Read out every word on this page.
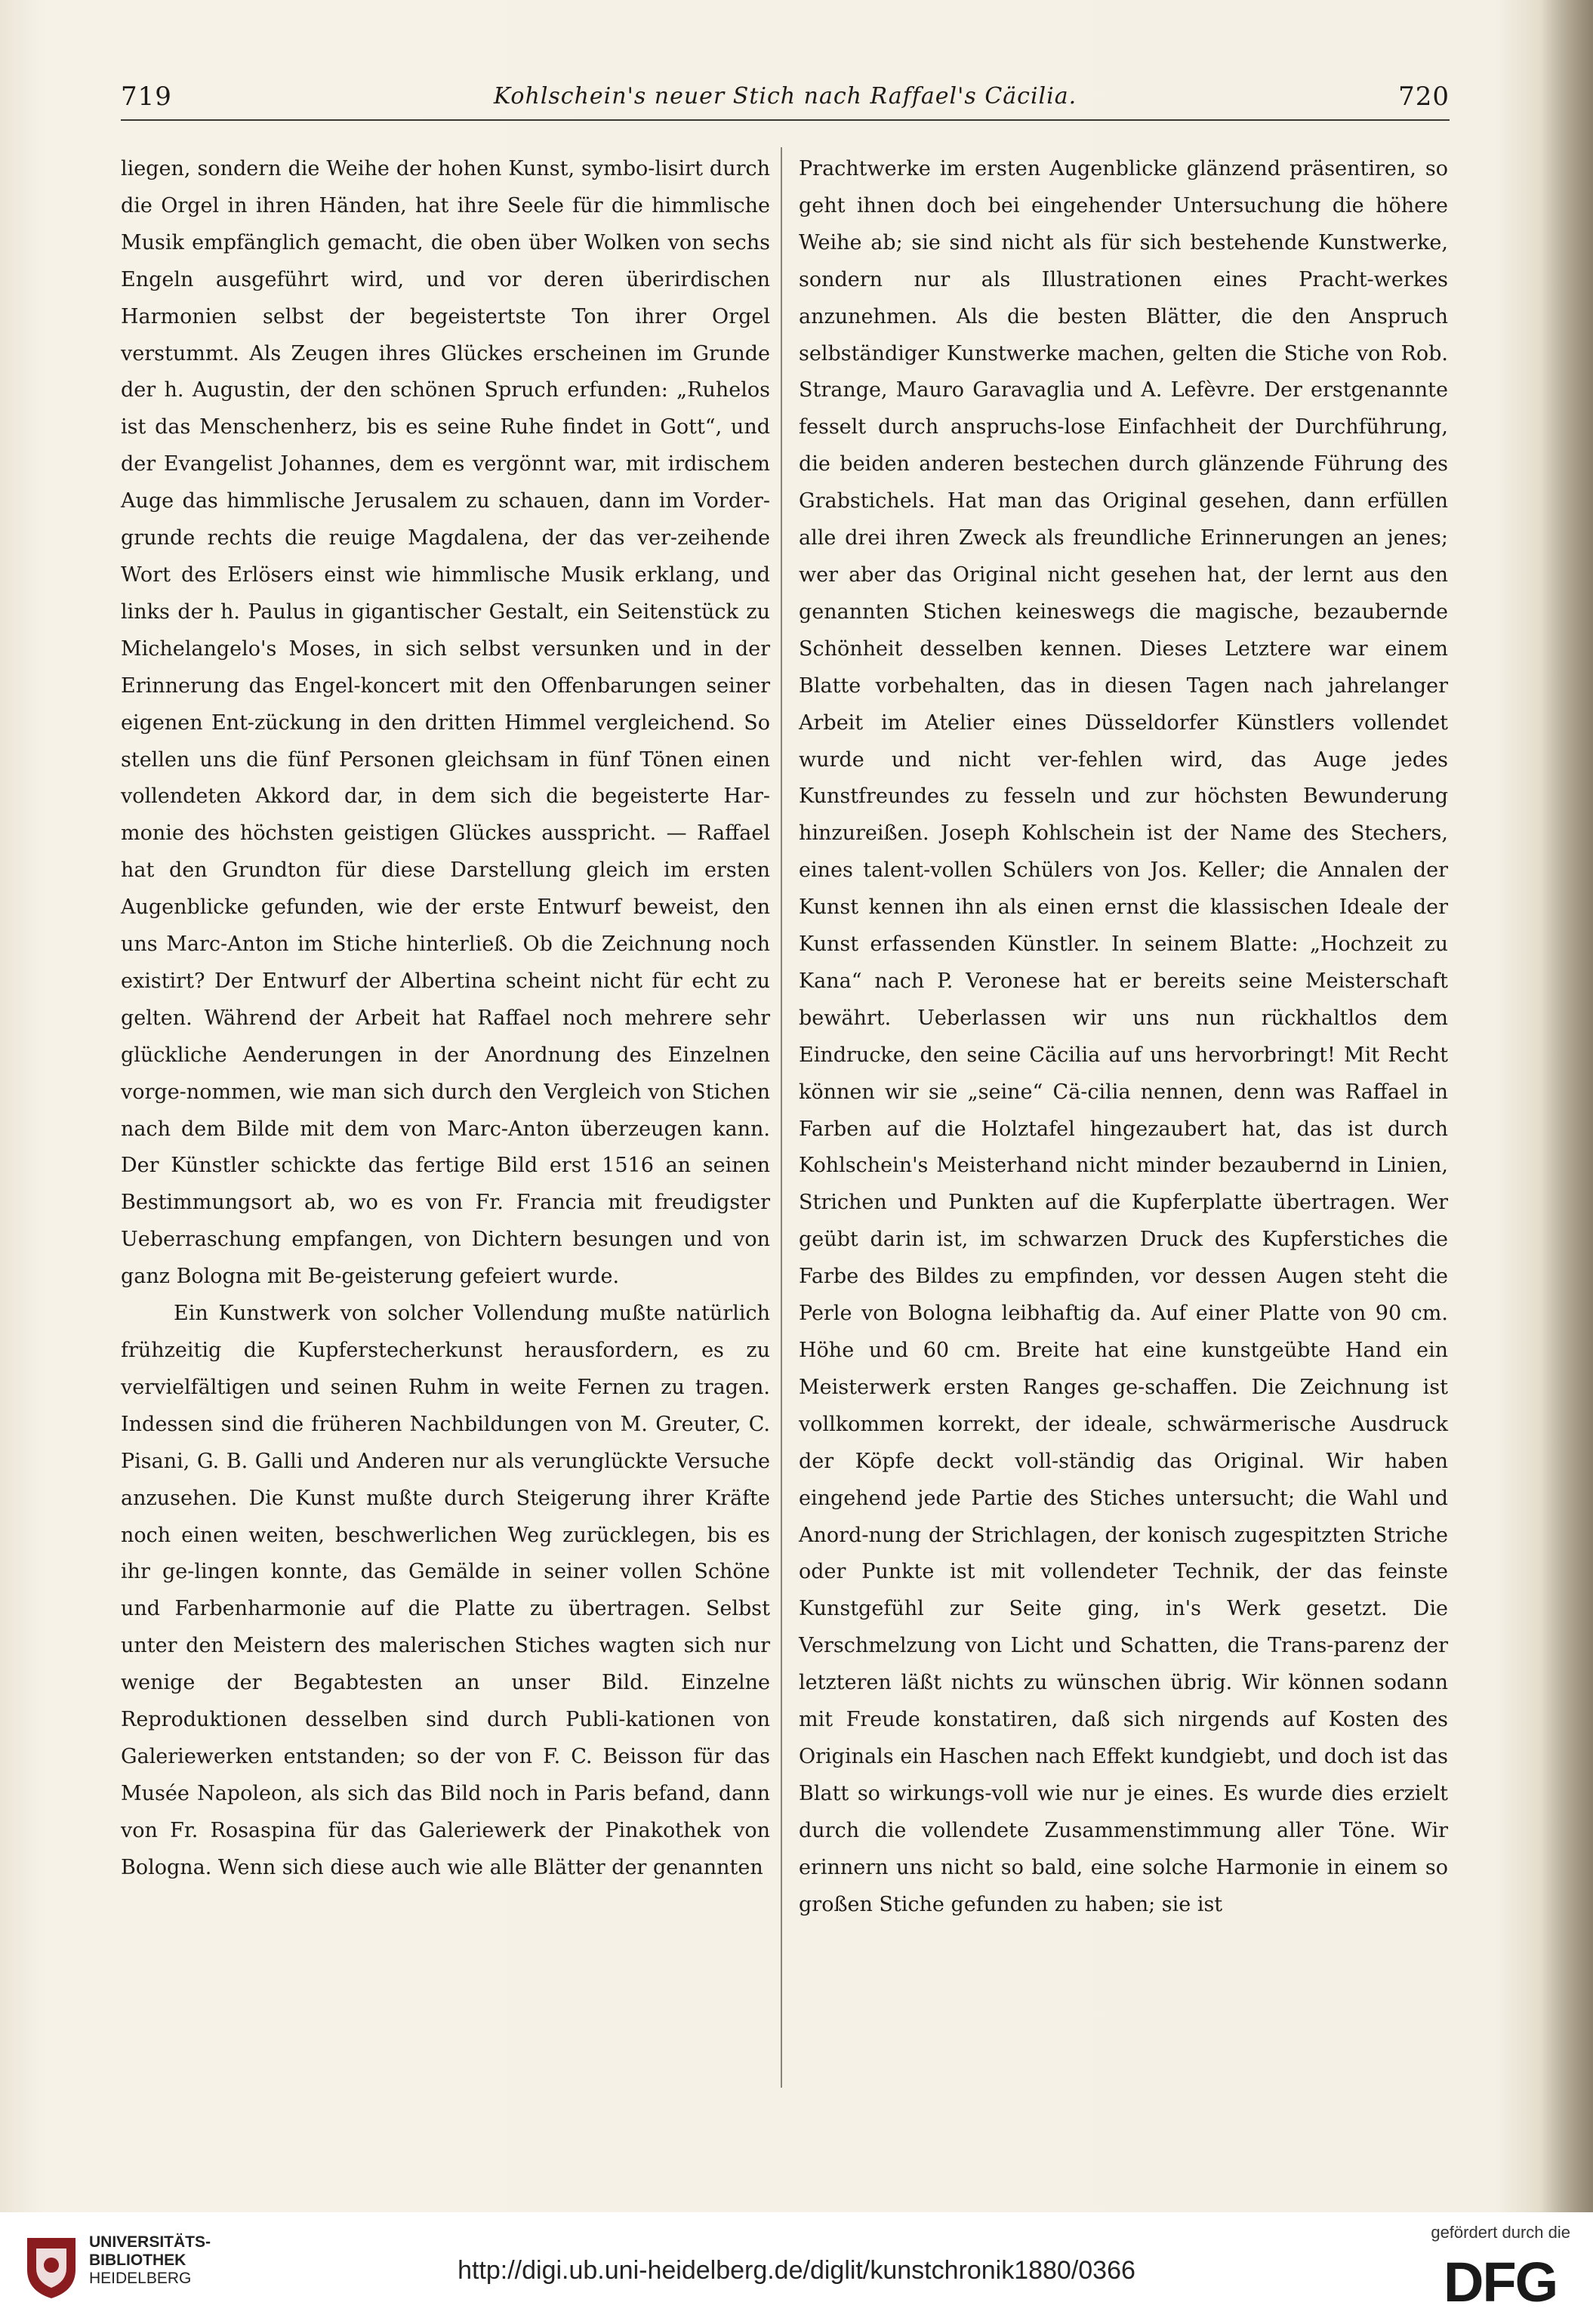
719	Kohlschein's neuer Stich nach Raffael's Cäcilia.	720

liegen, sondern die Weihe der hohen Kunst, symbo-lisirt durch die Orgel in ihren Händen, hat ihre Seele für die himmlische Musik empfänglich gemacht, die oben über Wolken von sechs Engeln ausgeführt wird, und vor deren überirdischen Harmonien selbst der begeistertste Ton ihrer Orgel verstummt. Als Zeugen ihres Glückes erscheinen im Grunde der h. Augustin, der den schönen Spruch erfunden: „Ruhelos ist das Menschenherz, bis es seine Ruhe findet in Gott“, und der Evangelist Johannes, dem es vergönnt war, mit irdischem Auge das himmlische Jerusalem zu schauen, dann im Vorder-grunde rechts die reuige Magdalena, der das ver-zeihende Wort des Erlösers einst wie himmlische Musik erklang, und links der h. Paulus in gigantischer Gestalt, ein Seitenstück zu Michelangelo's Moses, in sich selbst versunken und in der Erinnerung das Engel-koncert mit den Offenbarungen seiner eigenen Ent-zückung in den dritten Himmel vergleichend. So stellen uns die fünf Personen gleichsam in fünf Tönen einen vollendeten Akkord dar, in dem sich die begeisterte Har-monie des höchsten geistigen Glückes ausspricht. — Raffael hat den Grundton für diese Darstellung gleich im ersten Augenblicke gefunden, wie der erste Entwurf beweist, den uns Marc-Anton im Stiche hinterließ. Ob die Zeichnung noch existirt? Der Entwurf der Albertina scheint nicht für echt zu gelten. Während der Arbeit hat Raffael noch mehrere sehr glückliche Aenderungen in der Anordnung des Einzelnen vorge-nommen, wie man sich durch den Vergleich von Stichen nach dem Bilde mit dem von Marc-Anton überzeugen kann. Der Künstler schickte das fertige Bild erst 1516 an seinen Bestimmungsort ab, wo es von Fr. Francia mit freudigster Ueberraschung empfangen, von Dichtern besungen und von ganz Bologna mit Be-geisterung gefeiert wurde.

Ein Kunstwerk von solcher Vollendung mußte natürlich frühzeitig die Kupferstecherkunst herausfordern, es zu vervielfältigen und seinen Ruhm in weite Fernen zu tragen. Indessen sind die früheren Nachbildungen von M. Greuter, C. Pisani, G. B. Galli und Anderen nur als verunglückte Versuche anzusehen. Die Kunst mußte durch Steigerung ihrer Kräfte noch einen weiten, beschwerlichen Weg zurücklegen, bis es ihr ge-lingen konnte, das Gemälde in seiner vollen Schöne und Farbenharmonie auf die Platte zu übertragen. Selbst unter den Meistern des malerischen Stiches wagten sich nur wenige der Begabtesten an unser Bild. Einzelne Reproduktionen desselben sind durch Publi-kationen von Galeriewerken entstanden; so der von F. C. Beisson für das Musée Napoleon, als sich das Bild noch in Paris befand, dann von Fr. Rosaspina für das Galeriewerk der Pinakothek von Bologna. Wenn sich diese auch wie alle Blätter der genannten

Prachtwerke im ersten Augenblicke glänzend präsentiren, so geht ihnen doch bei eingehender Untersuchung die höhere Weihe ab; sie sind nicht als für sich bestehende Kunstwerke, sondern nur als Illustrationen eines Pracht-werkes anzunehmen. Als die besten Blätter, die den Anspruch selbständiger Kunstwerke machen, gelten die Stiche von Rob. Strange, Mauro Garavaglia und A. Lefèvre. Der erstgenannte fesselt durch anspruchs-lose Einfachheit der Durchführung, die beiden anderen bestechen durch glänzende Führung des Grabstichels. Hat man das Original gesehen, dann erfüllen alle drei ihren Zweck als freundliche Erinnerungen an jenes; wer aber das Original nicht gesehen hat, der lernt aus den genannten Stichen keineswegs die magische, bezaubernde Schönheit desselben kennen. Dieses Letztere war einem Blatte vorbehalten, das in diesen Tagen nach jahrelanger Arbeit im Atelier eines Düsseldorfer Künstlers vollendet wurde und nicht ver-fehlen wird, das Auge jedes Kunstfreundes zu fesseln und zur höchsten Bewunderung hinzureißen. Joseph Kohlschein ist der Name des Stechers, eines talent-vollen Schülers von Jos. Keller; die Annalen der Kunst kennen ihn als einen ernst die klassischen Ideale der Kunst erfassenden Künstler. In seinem Blatte: „Hochzeit zu Kana“ nach P. Veronese hat er bereits seine Meisterschaft bewährt. Ueberlassen wir uns nun rückhaltlos dem Eindrucke, den seine Cäcilia auf uns hervorbringt! Mit Recht können wir sie „seine“ Cä-cilia nennen, denn was Raffael in Farben auf die Holztafel hingezaubert hat, das ist durch Kohlschein's Meisterhand nicht minder bezaubernd in Linien, Strichen und Punkten auf die Kupferplatte übertragen. Wer geübt darin ist, im schwarzen Druck des Kupferstiches die Farbe des Bildes zu empfinden, vor dessen Augen steht die Perle von Bologna leibhaftig da. Auf einer Platte von 90 cm. Höhe und 60 cm. Breite hat eine kunstgeübte Hand ein Meisterwerk ersten Ranges ge-schaffen. Die Zeichnung ist vollkommen korrekt, der ideale, schwärmerische Ausdruck der Köpfe deckt voll-ständig das Original. Wir haben eingehend jede Partie des Stiches untersucht; die Wahl und Anord-nung der Strichlagen, der konisch zugespitzten Striche oder Punkte ist mit vollendeter Technik, der das feinste Kunstgefühl zur Seite ging, in's Werk gesetzt. Die Verschmelzung von Licht und Schatten, die Trans-parenz der letzteren läßt nichts zu wünschen übrig. Wir können sodann mit Freude konstatiren, daß sich nirgends auf Kosten des Originals ein Haschen nach Effekt kundgiebt, und doch ist das Blatt so wirkungs-voll wie nur je eines. Es wurde dies erzielt durch die vollendete Zusammenstimmung aller Töne. Wir erinnern uns nicht so bald, eine solche Harmonie in einem so großen Stiche gefunden zu haben; sie ist

UNIVERSITÄTS-
BIBLIOTHEK
HEIDELBERG	http://digi.ub.uni-heidelberg.de/diglit/kunstchronik1880/0366
gefördert durch die
DFG
